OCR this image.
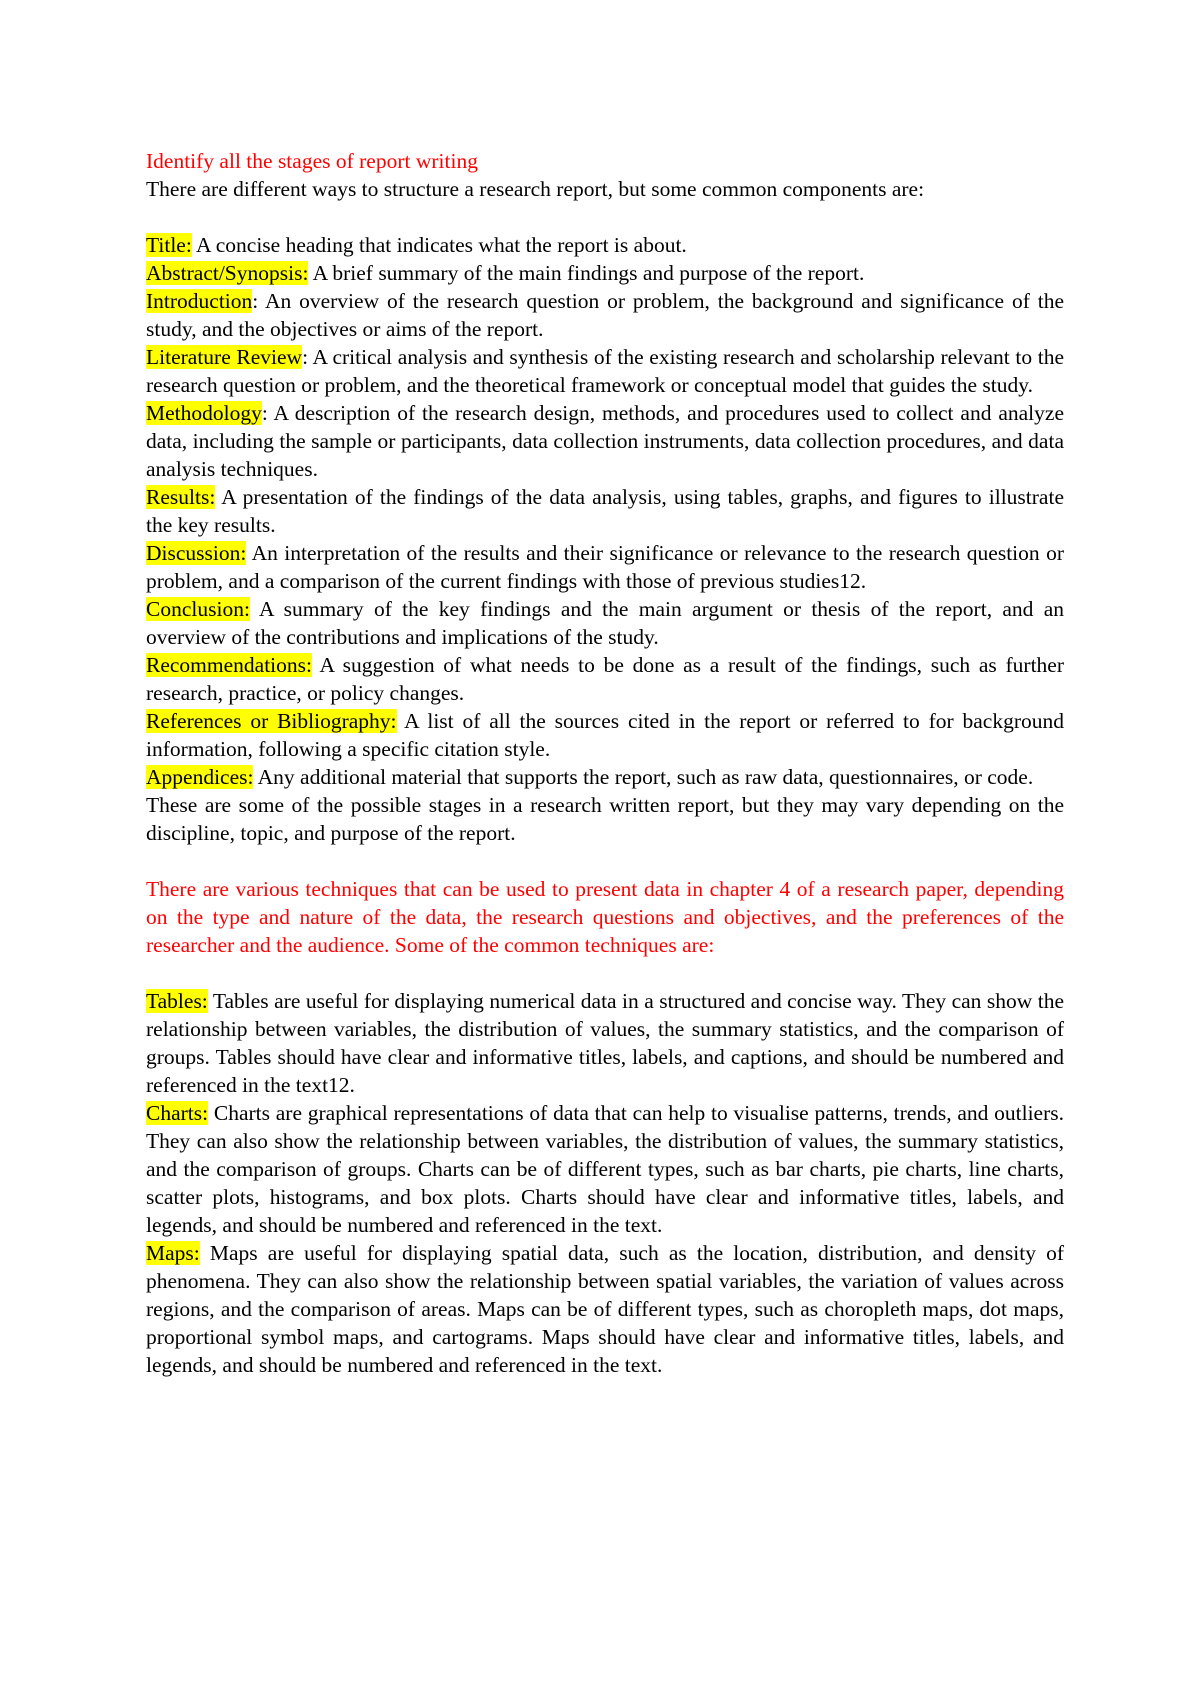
Identify all the stages of report writing

There are different ways to structure a research report, but some common components are:

Title: A concise heading that indicates what the report is about.

Abstract/Synopsis: A brief summary of the main findings and purpose of the report.

Introduction: An overview of the research question or problem, the background and significance of the study, and the objectives or aims of the report.

Literature Review: A critical analysis and synthesis of the existing research and scholarship relevant to the research question or problem, and the theoretical framework or conceptual model that guides the study.

Methodology: A description of the research design, methods, and procedures used to collect and analyze data, including the sample or participants, data collection instruments, data collection procedures, and data analysis techniques.

Results: A presentation of the findings of the data analysis, using tables, graphs, and figures to illustrate the key results.

Discussion: An interpretation of the results and their significance or relevance to the research question or problem, and a comparison of the current findings with those of previous studies12.

Conclusion: A summary of the key findings and the main argument or thesis of the report, and an overview of the contributions and implications of the study.

Recommendations: A suggestion of what needs to be done as a result of the findings, such as further research, practice, or policy changes.

References or Bibliography: A list of all the sources cited in the report or referred to for background information, following a specific citation style.

Appendices: Any additional material that supports the report, such as raw data, questionnaires, or code.

These are some of the possible stages in a research written report, but they may vary depending on the discipline, topic, and purpose of the report.

There are various techniques that can be used to present data in chapter 4 of a research paper, depending on the type and nature of the data, the research questions and objectives, and the preferences of the researcher and the audience. Some of the common techniques are:

Tables: Tables are useful for displaying numerical data in a structured and concise way. They can show the relationship between variables, the distribution of values, the summary statistics, and the comparison of groups. Tables should have clear and informative titles, labels, and captions, and should be numbered and referenced in the text12.

Charts: Charts are graphical representations of data that can help to visualise patterns, trends, and outliers. They can also show the relationship between variables, the distribution of values, the summary statistics, and the comparison of groups. Charts can be of different types, such as bar charts, pie charts, line charts, scatter plots, histograms, and box plots. Charts should have clear and informative titles, labels, and legends, and should be numbered and referenced in the text.

Maps: Maps are useful for displaying spatial data, such as the location, distribution, and density of phenomena. They can also show the relationship between spatial variables, the variation of values across regions, and the comparison of areas. Maps can be of different types, such as choropleth maps, dot maps, proportional symbol maps, and cartograms. Maps should have clear and informative titles, labels, and legends, and should be numbered and referenced in the text.
